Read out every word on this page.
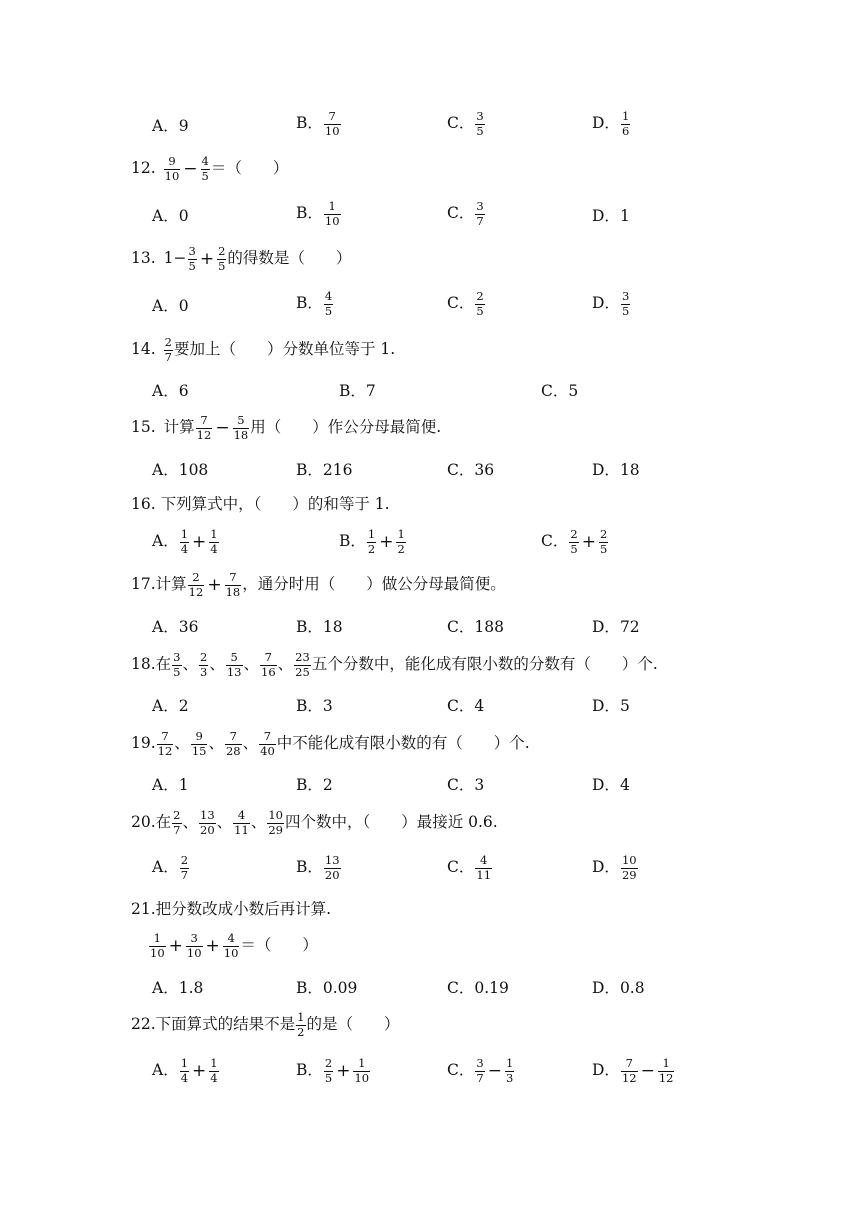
A． 9	B． $\frac{7}{10}$	C． $\frac{3}{5}$	D． $\frac{1}{6}$
12. $\frac{9}{10} - \frac{4}{5}$ ＝（　　）
A． 0	B． $\frac{1}{10}$	C． $\frac{3}{7}$	D． 1
13. $1- \frac{3}{5} + \frac{2}{5}$ 的得数是（　　）
A． 0	B． $\frac{4}{5}$	C． $\frac{2}{5}$	D． $\frac{3}{5}$
14. $\frac{2}{7}$ 要加上（　　）分数单位等于 1.
A． 6	B． 7	C． 5
15. 计算 $\frac{7}{12} - \frac{5}{18}$ 用（　　）作公分母最简便.
A． 108	B． 216	C． 36	D． 18
16. 下列算式中，（　　）的和等于 1.
A． $\frac{1}{4} + \frac{1}{4}$	B． $\frac{1}{2} + \frac{1}{2}$	C． $\frac{2}{5} + \frac{2}{5}$
17. 计算 $\frac{2}{12} + \frac{7}{18}$ ，通分时用（　　）做公分母最简便。
A． 36	B． 18	C． 188	D． 72
18. 在 $\frac{3}{5}$ 、 $\frac{2}{3}$ 、 $\frac{5}{13}$ 、 $\frac{7}{16}$ 、 $\frac{23}{25}$ 五个分数中，能化成有限小数的分数有（　　）个.
A． 2	B． 3	C． 4	D． 5
19. $\frac{7}{12}$ 、 $\frac{9}{15}$ 、 $\frac{7}{28}$ 、 $\frac{7}{40}$ 中不能化成有限小数的有（　　）个.
A． 1	B． 2	C． 3	D． 4
20. 在 $\frac{2}{7}$ 、 $\frac{13}{20}$ 、 $\frac{4}{11}$ 、 $\frac{10}{29}$ 四个数中，（　　）最接近 0.6.
A． $\frac{2}{7}$	B． $\frac{13}{20}$	C． $\frac{4}{11}$	D． $\frac{10}{29}$
21.把分数改成小数后再计算.
$\frac{1}{10} + \frac{3}{10} + \frac{4}{10}$ ＝（　　）
A． 1.8	B． 0.09	C． 0.19	D． 0.8
22. 下面算式的结果不是 $\frac{1}{2}$ 的是（　　）
A． $\frac{1}{4} + \frac{1}{4}$	B． $\frac{2}{5} + \frac{1}{10}$	C． $\frac{3}{7} - \frac{1}{3}$	D． $\frac{7}{12} - \frac{1}{12}$
